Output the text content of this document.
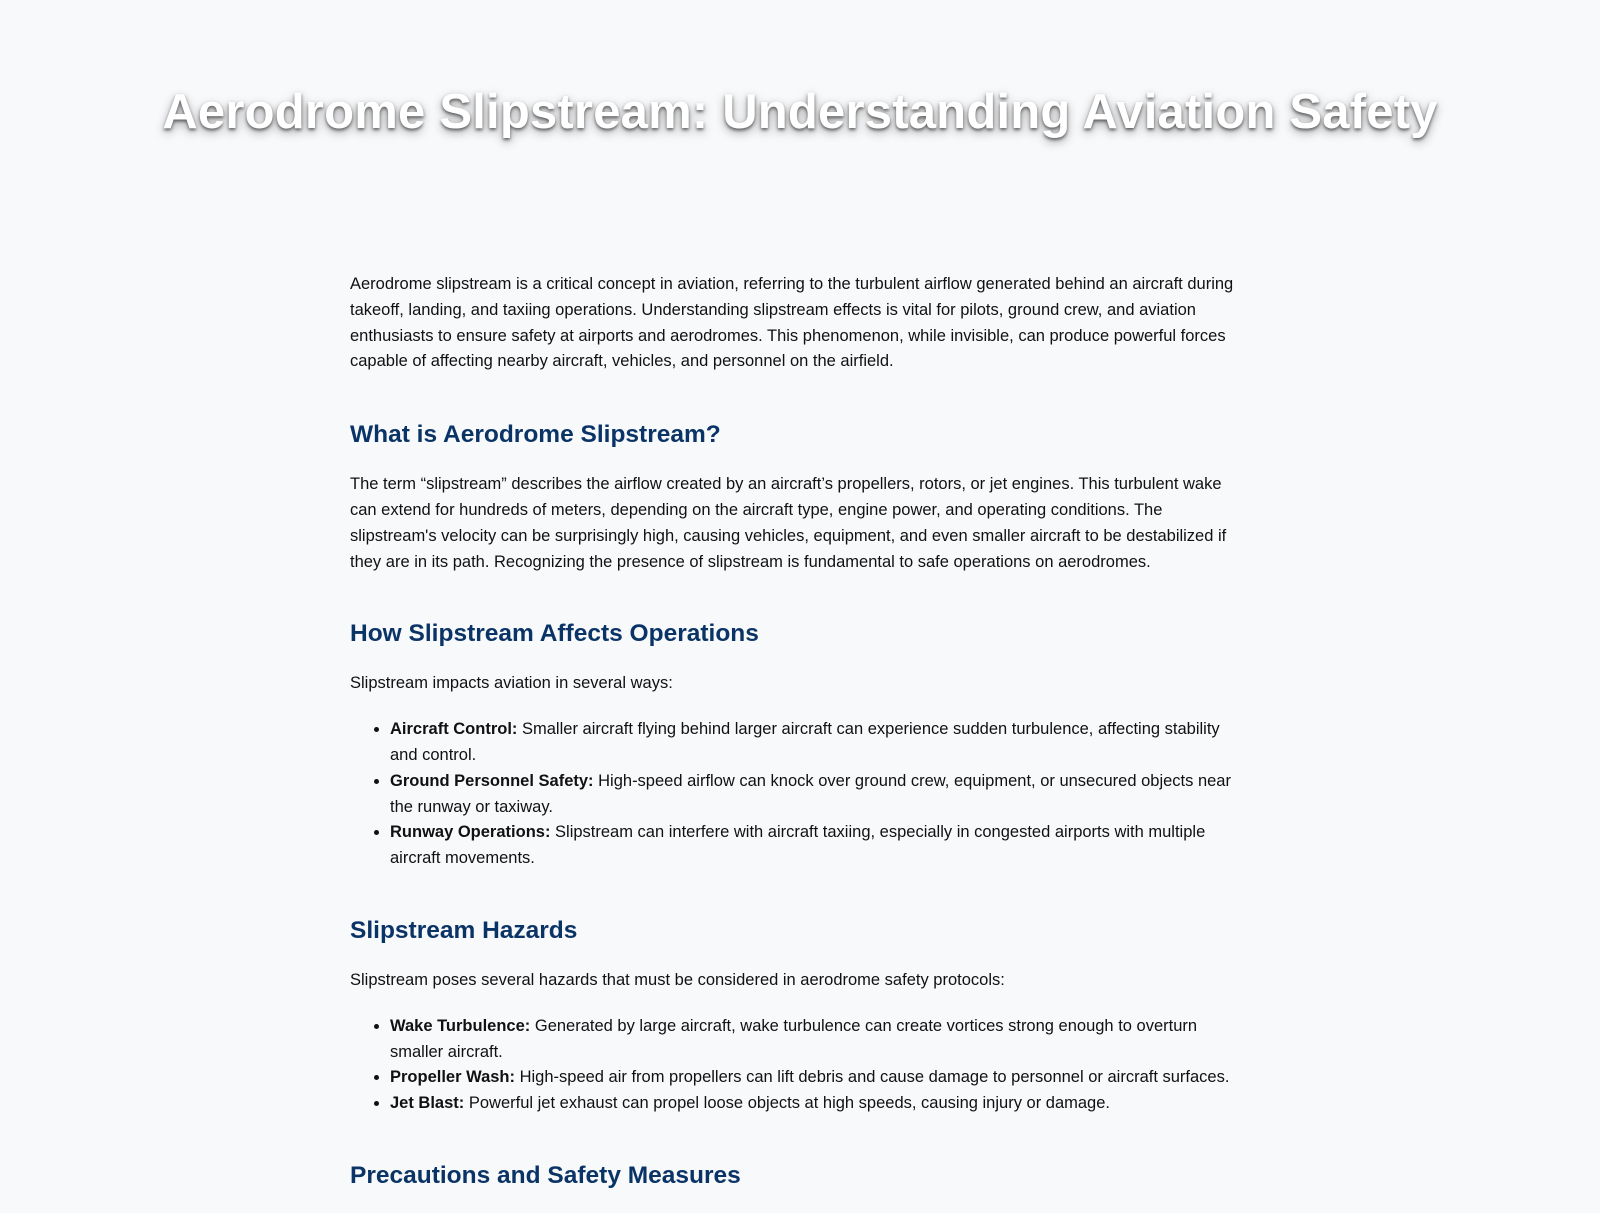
Aerodrome Slipstream: Understanding Aviation Safety

Aerodrome slipstream is a critical concept in aviation, referring to the turbulent airflow generated behind an aircraft during takeoff, landing, and taxiing operations. Understanding slipstream effects is vital for pilots, ground crew, and aviation enthusiasts to ensure safety at airports and aerodromes. This phenomenon, while invisible, can produce powerful forces capable of affecting nearby aircraft, vehicles, and personnel on the airfield.

What is Aerodrome Slipstream?

The term “slipstream” describes the airflow created by an aircraft’s propellers, rotors, or jet engines. This turbulent wake can extend for hundreds of meters, depending on the aircraft type, engine power, and operating conditions. The slipstream's velocity can be surprisingly high, causing vehicles, equipment, and even smaller aircraft to be destabilized if they are in its path. Recognizing the presence of slipstream is fundamental to safe operations on aerodromes.

How Slipstream Affects Operations

Slipstream impacts aviation in several ways:

• Aircraft Control: Smaller aircraft flying behind larger aircraft can experience sudden turbulence, affecting stability and control.
• Ground Personnel Safety: High-speed airflow can knock over ground crew, equipment, or unsecured objects near the runway or taxiway.
• Runway Operations: Slipstream can interfere with aircraft taxiing, especially in congested airports with multiple aircraft movements.
Slipstream Hazards

Slipstream poses several hazards that must be considered in aerodrome safety protocols:

• Wake Turbulence: Generated by large aircraft, wake turbulence can create vortices strong enough to overturn smaller aircraft.
• Propeller Wash: High-speed air from propellers can lift debris and cause damage to personnel or aircraft surfaces.
• Jet Blast: Powerful jet exhaust can propel loose objects at high speeds, causing injury or damage.
Precautions and Safety Measures
